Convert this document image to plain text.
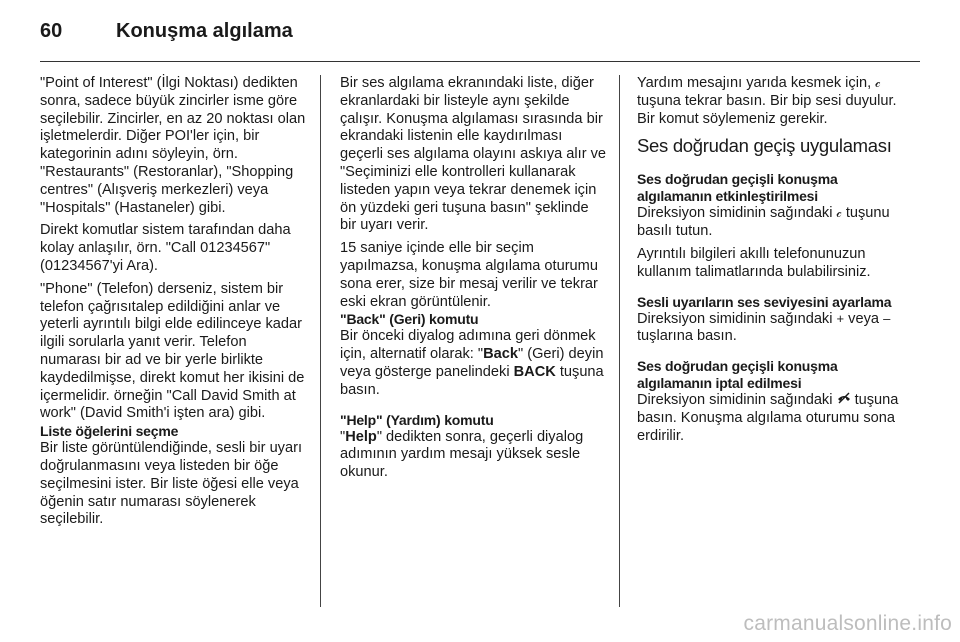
60	Konuşma algılama

"Point of Interest" (İlgi Noktası) dedikten sonra, sadece büyük zincirler isme göre seçilebilir. Zincirler, en az 20 noktası olan işletmelerdir. Diğer POI'ler için, bir kategorinin adını söyleyin, örn. "Restaurants" (Restoranlar), "Shopping centres" (Alışveriş merkezleri) veya "Hospitals" (Hastaneler) gibi.

Direkt komutlar sistem tarafından daha kolay anlaşılır, örn. "Call 01234567" (01234567'yi Ara).

"Phone" (Telefon) derseniz, sistem bir telefon çağrısıtalep edildiğini anlar ve yeterli ayrıntılı bilgi elde edilinceye kadar ilgili sorularla yanıt verir. Telefon numarası bir ad ve bir yerle birlikte kaydedilmişse, direkt komut her ikisini de içermelidir. örneğin "Call David Smith at work" (David Smith'i işten ara) gibi.

Liste öğelerini seçme

Bir liste görüntülendiğinde, sesli bir uyarı doğrulanmasını veya listeden bir öğe seçilmesini ister. Bir liste öğesi elle veya öğenin satır numarası söylenerek seçilebilir.

Bir ses algılama ekranındaki liste, diğer ekranlardaki bir listeyle aynı şekilde çalışır. Konuşma algılaması sırasında bir ekrandaki listenin elle kaydırılması geçerli ses algılama olayını askıya alır ve "Seçiminizi elle kontrolleri kullanarak listeden yapın veya tekrar denemek için ön yüzdeki geri tuşuna basın" şeklinde bir uyarı verir.

15 saniye içinde elle bir seçim yapılmazsa, konuşma algılama oturumu sona erer, size bir mesaj verilir ve tekrar eski ekran görüntülenir.

"Back" (Geri) komutu

Bir önceki diyalog adımına geri dönmek için, alternatif olarak: "Back" (Geri) deyin veya gösterge panelindeki BACK tuşuna basın.

"Help" (Yardım) komutu

"Help" dedikten sonra, geçerli diyalog adımının yardım mesajı yüksek sesle okunur.

Yardım mesajını yarıda kesmek için, 𝒸 tuşuna tekrar basın. Bir bip sesi duyulur. Bir komut söylemeniz gerekir.

Ses doğrudan geçiş uygulaması
Ses doğrudan geçişli konuşma algılamanın etkinleştirilmesi

Direksiyon simidinin sağındaki 𝒸 tuşunu basılı tutun.

Ayrıntılı bilgileri akıllı telefonunuzun kullanım talimatlarında bulabilirsiniz.

Sesli uyarıların ses seviyesini ayarlama

Direksiyon simidinin sağındaki + veya ‒ tuşlarına basın.

Ses doğrudan geçişli konuşma algılamanın iptal edilmesi

Direksiyon simidinin sağındaki  tuşuna basın. Konuşma algılama oturumu sona erdirilir.

carmanualsonline.info
